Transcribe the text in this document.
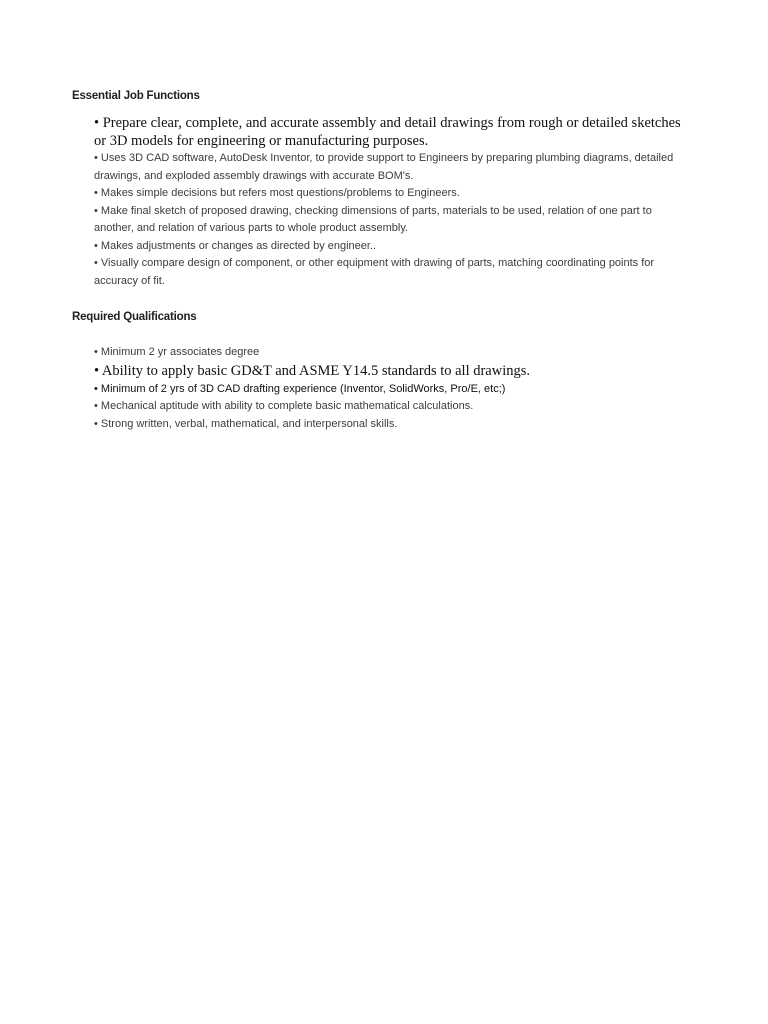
Essential Job Functions

• Prepare clear, complete, and accurate assembly and detail drawings from rough or detailed sketches or 3D models for engineering or manufacturing purposes.

• Uses 3D CAD software, AutoDesk Inventor, to provide support to Engineers by preparing plumbing diagrams, detailed drawings, and exploded assembly drawings with accurate BOM's.

• Makes simple decisions but refers most questions/problems to Engineers.

• Make final sketch of proposed drawing, checking dimensions of parts, materials to be used, relation of one part to another, and relation of various parts to whole product assembly.

• Makes adjustments or changes as directed by engineer..

• Visually compare design of component, or other equipment with drawing of parts, matching coordinating points for accuracy of fit.

Required Qualifications

• Minimum 2 yr associates degree

• Ability to apply basic GD&T and ASME Y14.5 standards to all drawings.

• Minimum of 2 yrs of 3D CAD drafting experience (Inventor, SolidWorks, Pro/E, etc;)

• Mechanical aptitude with ability to complete basic mathematical calculations.

• Strong written, verbal, mathematical, and interpersonal skills.
